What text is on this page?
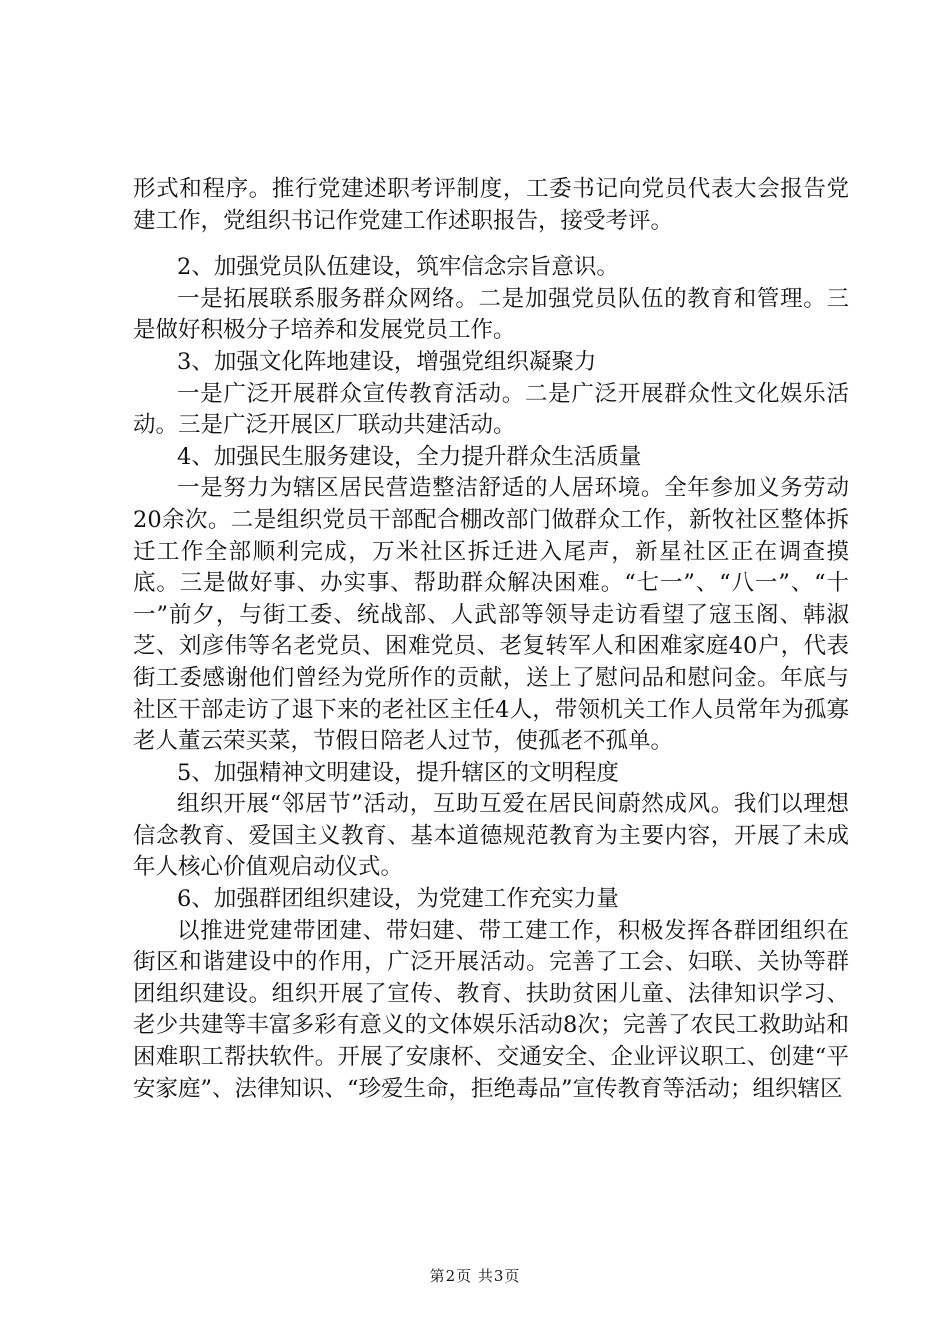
形式和程序。推行党建述职考评制度，工委书记向党员代表大会报告党建工作，党组织书记作党建工作述职报告，接受考评。

2、加强党员队伍建设，筑牢信念宗旨意识。

一是拓展联系服务群众网络。二是加强党员队伍的教育和管理。三是做好积极分子培养和发展党员工作。

3、加强文化阵地建设，增强党组织凝聚力

一是广泛开展群众宣传教育活动。二是广泛开展群众性文化娱乐活动。三是广泛开展区厂联动共建活动。

4、加强民生服务建设，全力提升群众生活质量

一是努力为辖区居民营造整洁舒适的人居环境。全年参加义务劳动20余次。二是组织党员干部配合棚改部门做群众工作，新牧社区整体拆迁工作全部顺利完成，万米社区拆迁进入尾声，新星社区正在调查摸底。三是做好事、办实事、帮助群众解决困难。“七一”、“八一”、“十一”前夕，与街工委、统战部、人武部等领导走访看望了寇玉阁、韩淑芝、刘彦伟等名老党员、困难党员、老复转军人和困难家庭40户，代表街工委感谢他们曾经为党所作的贡献，送上了慰问品和慰问金。年底与社区干部走访了退下来的老社区主任4人，带领机关工作人员常年为孤寡老人董云荣买菜，节假日陪老人过节，使孤老不孤单。

5、加强精神文明建设，提升辖区的文明程度

组织开展“邻居节”活动，互助互爱在居民间蔚然成风。我们以理想信念教育、爱国主义教育、基本道德规范教育为主要内容，开展了未成年人核心价值观启动仪式。

6、加强群团组织建设，为党建工作充实力量

以推进党建带团建、带妇建、带工建工作，积极发挥各群团组织在街区和谐建设中的作用，广泛开展活动。完善了工会、妇联、关协等群团组织建设。组织开展了宣传、教育、扶助贫困儿童、法律知识学习、老少共建等丰富多彩有意义的文体娱乐活动8次；完善了农民工救助站和困难职工帮扶软件。开展了安康杯、交通安全、企业评议职工、创建“平安家庭”、法律知识、“珍爱生命，拒绝毒品”宣传教育等活动；组织辖区

第2页 共3页
